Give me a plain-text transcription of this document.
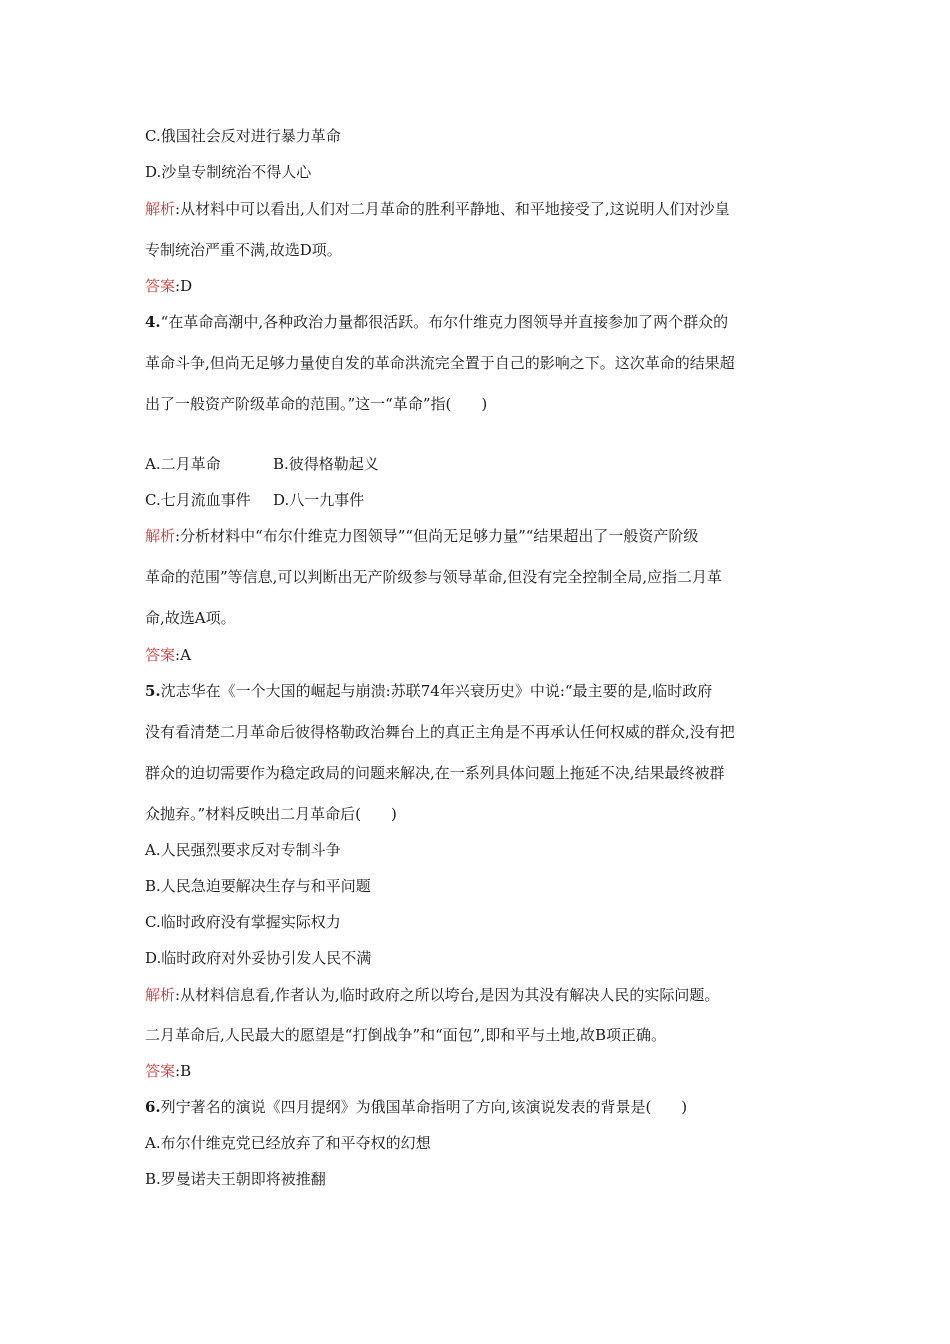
C.俄国社会反对进行暴力革命
D.沙皇专制统治不得人心
解析:从材料中可以看出,人们对二月革命的胜利平静地、和平地接受了,这说明人们对沙皇
专制统治严重不满,故选D项。
答案:D
4.“在革命高潮中,各种政治力量都很活跃。布尔什维克力图领导并直接参加了两个群众的
革命斗争,但尚无足够力量使自发的革命洪流完全置于自己的影响之下。这次革命的结果超
出了一般资产阶级革命的范围。”这一“革命”指(　　)
A.二月革命	B.彼得格勒起义
C.七月流血事件 D.八一九事件
解析:分析材料中“布尔什维克力图领导”“但尚无足够力量”“结果超出了一般资产阶级
革命的范围”等信息,可以判断出无产阶级参与领导革命,但没有完全控制全局,应指二月革
命,故选A项。
答案:A
5.沈志华在《一个大国的崛起与崩溃:苏联74年兴衰历史》中说:“最主要的是,临时政府
没有看清楚二月革命后彼得格勒政治舞台上的真正主角是不再承认任何权威的群众,没有把
群众的迫切需要作为稳定政局的问题来解决,在一系列具体问题上拖延不决,结果最终被群
众抛弃。”材料反映出二月革命后(　　)
A.人民强烈要求反对专制斗争
B.人民急迫要解决生存与和平问题
C.临时政府没有掌握实际权力
D.临时政府对外妥协引发人民不满
解析:从材料信息看,作者认为,临时政府之所以垮台,是因为其没有解决人民的实际问题。
二月革命后,人民最大的愿望是“打倒战争”和“面包”,即和平与土地,故B项正确。
答案:B
6.列宁著名的演说《四月提纲》为俄国革命指明了方向,该演说发表的背景是(　　)
A.布尔什维克党已经放弃了和平夺权的幻想
B.罗曼诺夫王朝即将被推翻
